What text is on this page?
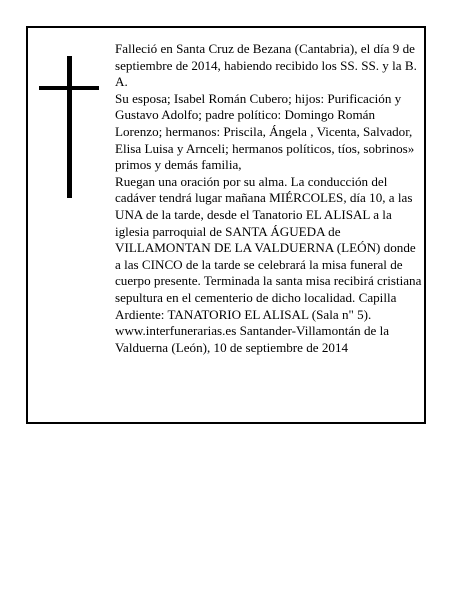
Falleció en Santa Cruz de Bezana (Cantabria), el día 9 de septiembre de 2014, habiendo recibido los SS. SS. y la B. A.

Su esposa; Isabel Román Cubero; hijos: Purificación y Gustavo Adolfo; padre político: Domingo Román Lorenzo; hermanos: Priscila, Ángela , Vicenta, Salvador, Elisa Luisa y Arnceli; hermanos políticos, tíos, sobrinos» primos y demás familia,

Ruegan una oración por su alma. La conducción del cadáver tendrá lugar mañana MIÉRCOLES, día 10, a las UNA de la tarde, desde el Tanatorio EL ALISAL a la iglesia parroquial de SANTA ÁGUEDA de VILLAMONTAN DE LA VALDUERNA (LEÓN) donde a las CINCO de la tarde se celebrará la misa funeral de cuerpo presente. Terminada la santa misa recibirá cristiana sepultura en el cementerio de dicho localidad. Capilla Ardiente: TANATORIO EL ALISAL (Sala n" 5).

www.interfunerarias.es Santander-Villamontán de la Valduerna (León), 10 de septiembre de 2014
